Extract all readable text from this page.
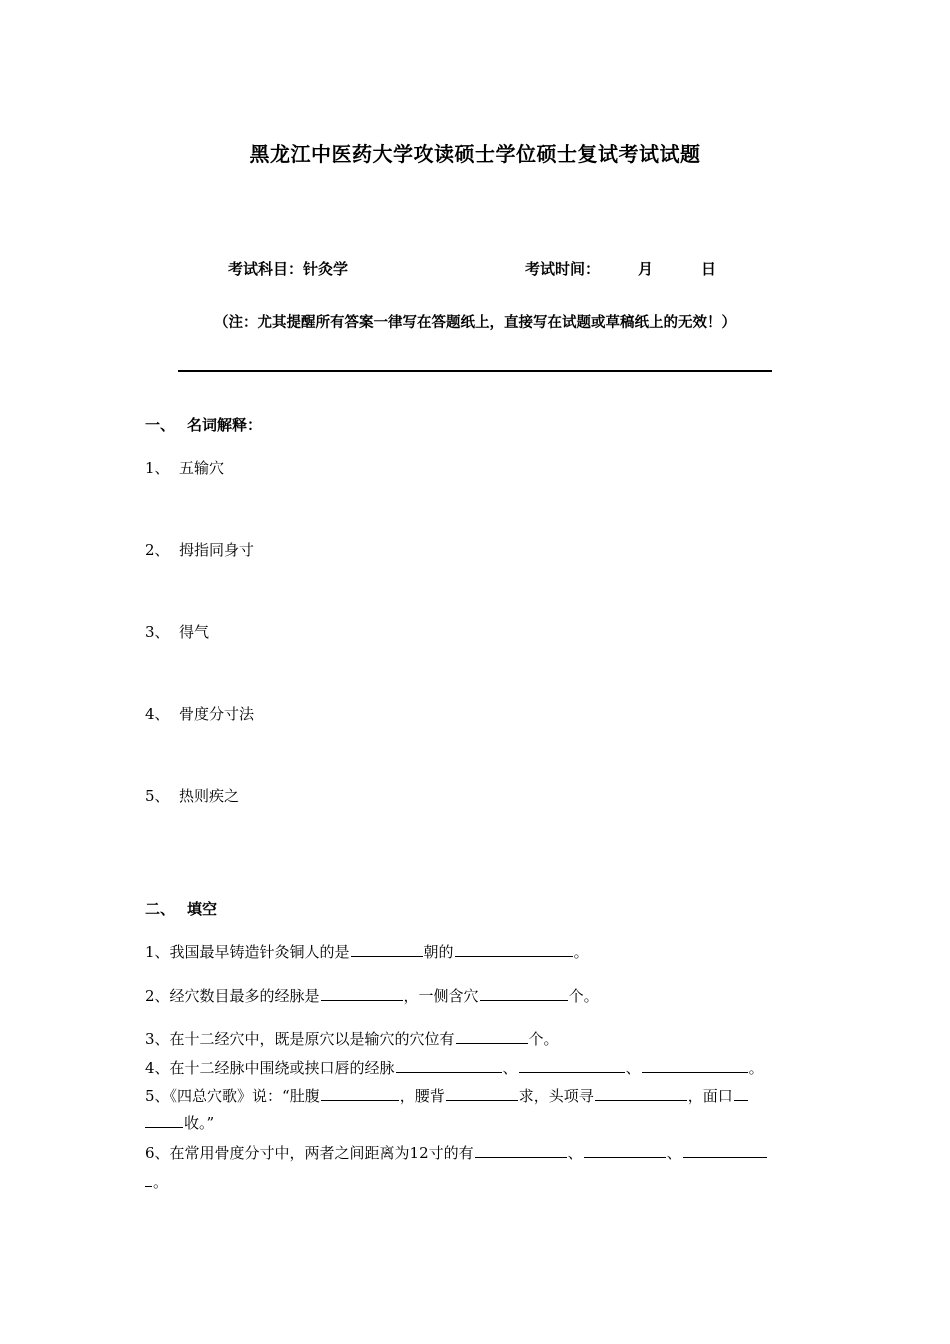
黑龙江中医药大学攻读硕士学位硕士复试考试试题
考试科目：针灸学	考试时间：	月	日
（注：尤其提醒所有答案一律写在答题纸上，直接写在试题或草稿纸上的无效！）
一、 名词解释：
1、 五输穴
2、 拇指同身寸
3、 得气
4、 骨度分寸法
5、 热则疾之
二、 填空
1、我国最早铸造针灸铜人的是	朝的	。
2、经穴数目最多的经脉是	，一侧含穴	个。
3、在十二经穴中，既是原穴以是输穴的穴位有	个。
4、在十二经脉中围绕或挟口唇的经脉	、	、	。
5、《四总穴歌》说：“肚腹	，腰背	求，头项寻	，面口
收。”
6、在常用骨度分寸中，两者之间距离为12寸的有	、	、
。
